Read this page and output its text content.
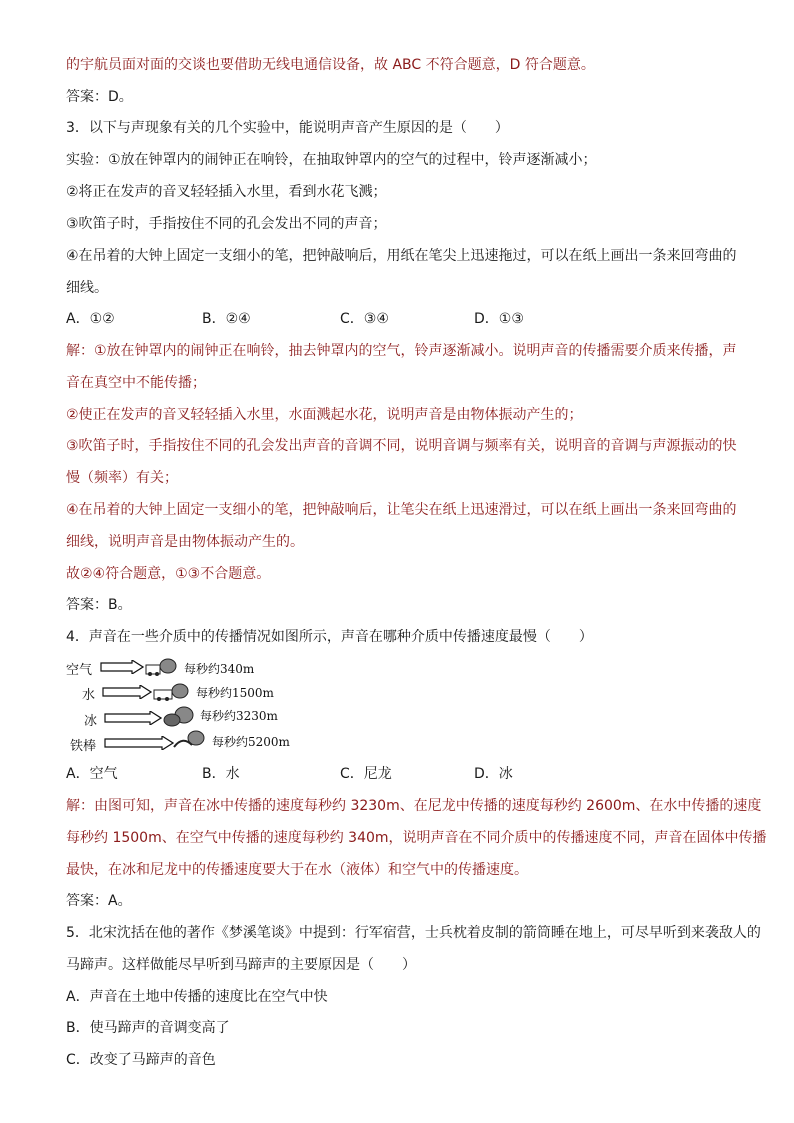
的宇航员面对面的交谈也要借助无线电通信设备，故 ABC 不符合题意，D 符合题意。
答案：D。
3．以下与声现象有关的几个实验中，能说明声音产生原因的是（　　）
实验：①放在钟罩内的闹钟正在响铃，在抽取钟罩内的空气的过程中，铃声逐渐减小；
②将正在发声的音叉轻轻插入水里，看到水花飞溅；
③吹笛子时，手指按住不同的孔会发出不同的声音；
④在吊着的大钟上固定一支细小的笔，把钟敲响后，用纸在笔尖上迅速拖过，可以在纸上画出一条来回弯曲的
细线。
A．①②	B．②④	C．③④	D．①③
解：①放在钟罩内的闹钟正在响铃，抽去钟罩内的空气，铃声逐渐减小。说明声音的传播需要介质来传播，声
音在真空中不能传播；
②使正在发声的音叉轻轻插入水里，水面溅起水花，说明声音是由物体振动产生的；
③吹笛子时，手指按住不同的孔会发出声音的音调不同，说明音调与频率有关，说明音的音调与声源振动的快
慢（频率）有关；
④在吊着的大钟上固定一支细小的笔，把钟敲响后，让笔尖在纸上迅速滑过，可以在纸上画出一条来回弯曲的
细线，说明声音是由物体振动产生的。
故②④符合题意，①③不合题意。
答案：B。
4．声音在一些介质中的传播情况如图所示，声音在哪种介质中传播速度最慢（　　）
空气	每秒约340m
水	每秒约1500m
冰	每秒约3230m
铁棒	每秒约5200m
A．空气	B．水	C．尼龙	D．冰
解：由图可知，声音在冰中传播的速度每秒约 3230m、在尼龙中传播的速度每秒约 2600m、在水中传播的速度
每秒约 1500m、在空气中传播的速度每秒约 340m，说明声音在不同介质中的传播速度不同，声音在固体中传播
最快，在冰和尼龙中的传播速度要大于在水（液体）和空气中的传播速度。
答案：A。
5．北宋沈括在他的著作《梦溪笔谈》中提到：行军宿营，士兵枕着皮制的箭筒睡在地上，可尽早听到来袭敌人的
马蹄声。这样做能尽早听到马蹄声的主要原因是（　　）
A．声音在土地中传播的速度比在空气中快
B．使马蹄声的音调变高了
C．改变了马蹄声的音色
